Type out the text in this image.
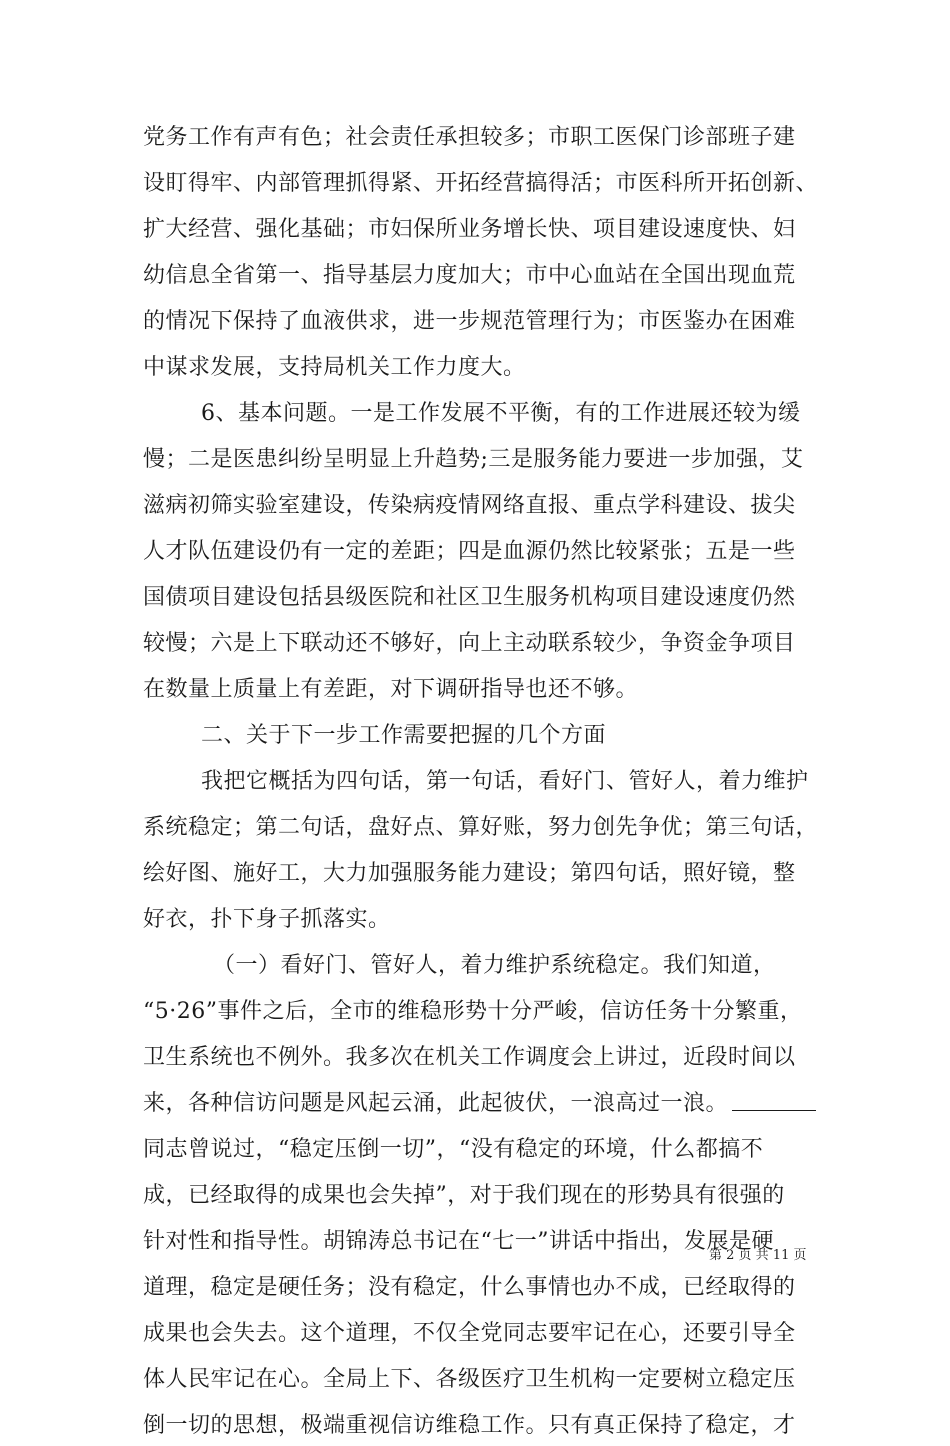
党务工作有声有色；社会责任承担较多；市职工医保门诊部班子建
设盯得牢、内部管理抓得紧、开拓经营搞得活；市医科所开拓创新、
扩大经营、强化基础；市妇保所业务增长快、项目建设速度快、妇
幼信息全省第一、指导基层力度加大；市中心血站在全国出现血荒
的情况下保持了血液供求，进一步规范管理行为；市医鉴办在困难
中谋求发展，支持局机关工作力度大。
6、基本问题。一是工作发展不平衡，有的工作进展还较为缓
慢；二是医患纠纷呈明显上升趋势;三是服务能力要进一步加强，艾
滋病初筛实验室建设，传染病疫情网络直报、重点学科建设、拔尖
人才队伍建设仍有一定的差距；四是血源仍然比较紧张；五是一些
国债项目建设包括县级医院和社区卫生服务机构项目建设速度仍然
较慢；六是上下联动还不够好，向上主动联系较少，争资金争项目
在数量上质量上有差距，对下调研指导也还不够。
二、关于下一步工作需要把握的几个方面
我把它概括为四句话，第一句话，看好门、管好人，着力维护
系统稳定；第二句话，盘好点、算好账，努力创先争优；第三句话，
绘好图、施好工，大力加强服务能力建设；第四句话，照好镜，整
好衣，扑下身子抓落实。
（一）看好门、管好人，着力维护系统稳定。我们知道，
“5·26”事件之后，全市的维稳形势十分严峻，信访任务十分繁重，
卫生系统也不例外。我多次在机关工作调度会上讲过，近段时间以
来，各种信访问题是风起云涌，此起彼伏，一浪高过一浪。
同志曾说过，“稳定压倒一切”，“没有稳定的环境，什么都搞不
成，已经取得的成果也会失掉”，对于我们现在的形势具有很强的
针对性和指导性。胡锦涛总书记在“七一”讲话中指出，发展是硬
道理，稳定是硬任务；没有稳定，什么事情也办不成，已经取得的
成果也会失去。这个道理，不仅全党同志要牢记在心，还要引导全
体人民牢记在心。全局上下、各级医疗卫生机构一定要树立稳定压
倒一切的思想，极端重视信访维稳工作。只有真正保持了稳定，才
第 2 页 共 11 页
